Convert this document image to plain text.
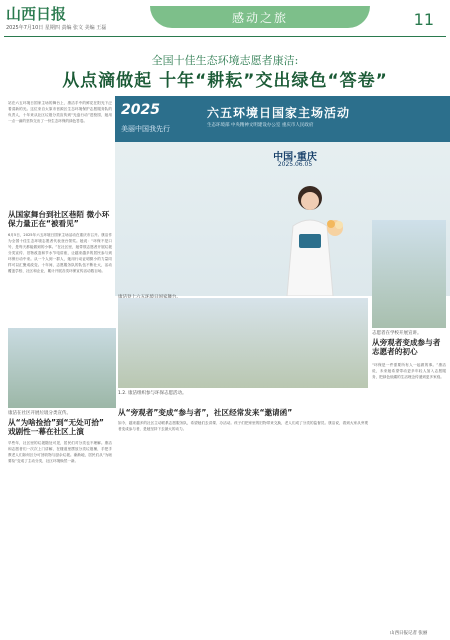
山西日报
2025年7月10日 星期四 责编 张文 美编 王磊
感动之旅	11
全国十佳生态环境志愿者康洁:
从点滴做起 十年“耕耘”交出绿色“答卷”
站在六五环境日国家主场的舞台上，康洁手中的鲜花在阳光下泛着清新的光。这位来自太原市晋源区生态环境保护志愿服务队的负责人，十年来从社区垃圾分类宣传到“光盘行动”进校园，她用一点一滴的坚持交出了一份生态环保的绿色答卷。
从国家舞台到社区巷陌 微小环保力量正在“被看见”
6月5日，2025年六五环境日国家主场活动在重庆市召开。康洁作为全国十佳生态环境志愿者代表登台领奖。她说：“环保不是口号，是每天都能做到的小事。”在社区里，她带领志愿者开展垃圾分类宣传、旧物改造和节水节电讲座，让越来越多的居民参与到环保行动中来。从一个人到一群人，她用行动证明微小的力量同样可以汇聚成改变。十年间，志愿服务队的队伍不断壮大，活动覆盖学校、社区和企业，累计开展各类环保宣传活动数百场。
2025
美丽中国我先行
六五环境日国家主场活动
生态环境部 中央精神文明建设办公室 重庆市人民政府
中国·重庆
2025.06.05
康洁在社区开展垃圾分类宣传。
1.2. 康洁组织参与环保志愿活动。
志愿者在学校开展宣讲。
从“为啥捡拾”到“无处可拾” 戏剧性一幕在社区上演
早些年，社区里的垃圾随处可见，居民们对分类也不理解。康洁和志愿者们一次次上门讲解，在楼道里摆放分类垃圾桶，手把手教老人们如何区分可回收物与厨余垃圾。渐渐地，居民们从“为啥要捡”变成了主动分类，社区环境焕然一新。
从“旁观者”变成“参与者”，社区经常发来“邀请函”
如今，越来越多的社区主动联系志愿服务队，希望她们去讲课、办活动。孩子们把家里的旧物带来交换，老人们成了分类的监督员。康洁说，看到大家从旁观者变成参与者，是她坚持下去最大的动力。
从旁观者变成参与者 志愿者的初心
“环保是一件需要所有人一起做的事。”康洁说，未来她希望带动更多年轻人加入志愿服务，把绿色低碳的生活理念传递到更多家庭。
山西日报记者 张丽
